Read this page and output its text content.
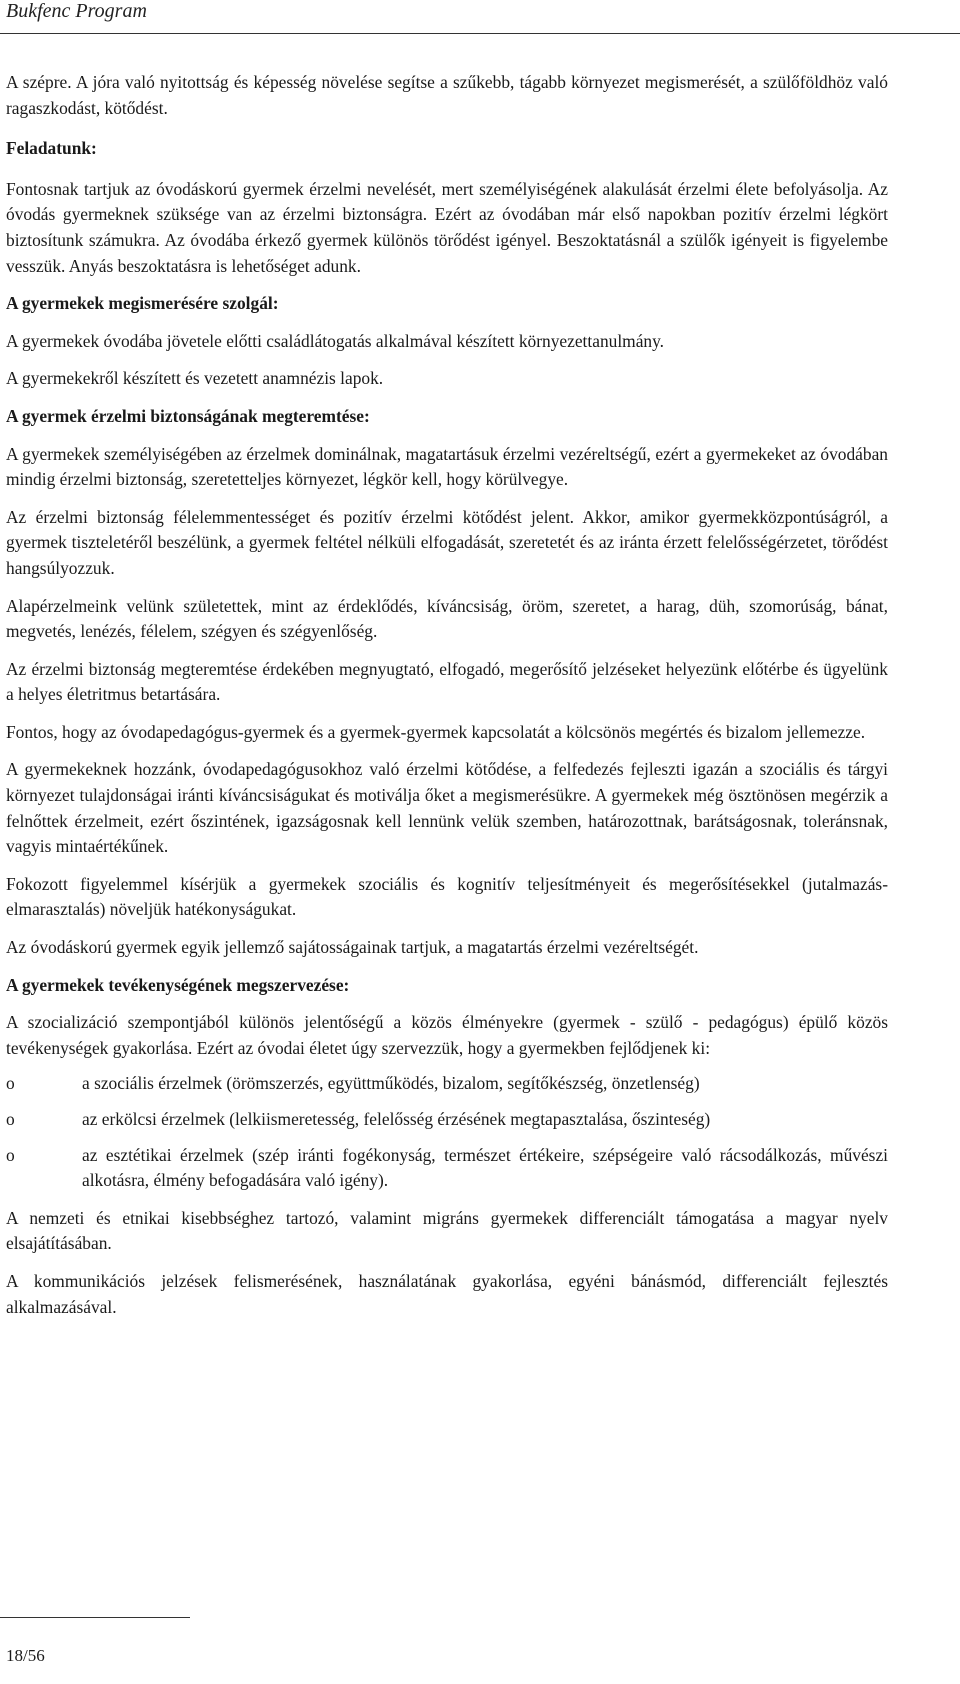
Bukfenc Program

A szépre. A jóra való nyitottság és képesség növelése segítse a szűkebb, tágabb környezet megismerését, a szülőföldhöz való ragaszkodást, kötődést.

Feladatunk:

Fontosnak tartjuk az óvodáskorú gyermek érzelmi nevelését, mert személyiségének alakulását érzelmi élete befolyásolja. Az óvodás gyermeknek szüksége van az érzelmi biztonságra. Ezért az óvodában már első napokban pozitív érzelmi légkört biztosítunk számukra. Az óvodába érkező gyermek különös törődést igényel. Beszoktatásnál a szülők igényeit is figyelembe vesszük. Anyás beszoktatásra is lehetőséget adunk.

A gyermekek megismerésére szolgál:

A gyermekek óvodába jövetele előtti családlátogatás alkalmával készített környezettanulmány.

A gyermekekről készített és vezetett anamnézis lapok.

A gyermek érzelmi biztonságának megteremtése:

A gyermekek személyiségében az érzelmek dominálnak, magatartásuk érzelmi vezéreltségű, ezért a gyermekeket az óvodában mindig érzelmi biztonság, szeretetteljes környezet, légkör kell, hogy körülvegye.

Az érzelmi biztonság félelemmentességet és pozitív érzelmi kötődést jelent. Akkor, amikor gyermekközpontúságról, a gyermek tiszteletéről beszélünk, a gyermek feltétel nélküli elfogadását, szeretetét és az iránta érzett felelősségérzetet, törődést hangsúlyozzuk.

Alapérzelmeink velünk születettek, mint az érdeklődés, kíváncsiság, öröm, szeretet, a harag, düh, szomorúság, bánat, megvetés, lenézés, félelem, szégyen és szégyenlőség.

Az érzelmi biztonság megteremtése érdekében megnyugtató, elfogadó, megerősítő jelzéseket helyezünk előtérbe és ügyelünk a helyes életritmus betartására.

Fontos, hogy az óvodapedagógus-gyermek és a gyermek-gyermek kapcsolatát a kölcsönös megértés és bizalom jellemezze.

A gyermekeknek hozzánk, óvodapedagógusokhoz való érzelmi kötődése, a felfedezés fejleszti igazán a szociális és tárgyi környezet tulajdonságai iránti kíváncsiságukat és motiválja őket a megismerésükre. A gyermekek még ösztönösen megérzik a felnőttek érzelmeit, ezért őszintének, igazságosnak kell lennünk velük szemben, határozottnak, barátságosnak, toleránsnak, vagyis mintaértékűnek.

Fokozott figyelemmel kísérjük a gyermekek szociális és kognitív teljesítményeit és megerősítésekkel (jutalmazás-elmarasztalás) növeljük hatékonyságukat.

Az óvodáskorú gyermek egyik jellemző sajátosságainak tartjuk, a magatartás érzelmi vezéreltségét.

A gyermekek tevékenységének megszervezése:

A szocializáció szempontjából különös jelentőségű a közös élményekre (gyermek - szülő - pedagógus) épülő közös tevékenységek gyakorlása. Ezért az óvodai életet úgy szervezzük, hogy a gyermekben fejlődjenek ki:

o	a szociális érzelmek (örömszerzés, együttműködés, bizalom, segítőkészség, önzetlenség)
o	az erkölcsi érzelmek (lelkiismeretesség, felelősség érzésének megtapasztalása, őszinteség)
o	az esztétikai érzelmek (szép iránti fogékonyság, természet értékeire, szépségeire való rácsodálkozás, művészi alkotásra, élmény befogadására való igény).

A nemzeti és etnikai kisebbséghez tartozó, valamint migráns gyermekek differenciált támogatása a magyar nyelv elsajátításában.

A kommunikációs jelzések felismerésének, használatának gyakorlása, egyéni bánásmód, differenciált fejlesztés alkalmazásával.

18/56
